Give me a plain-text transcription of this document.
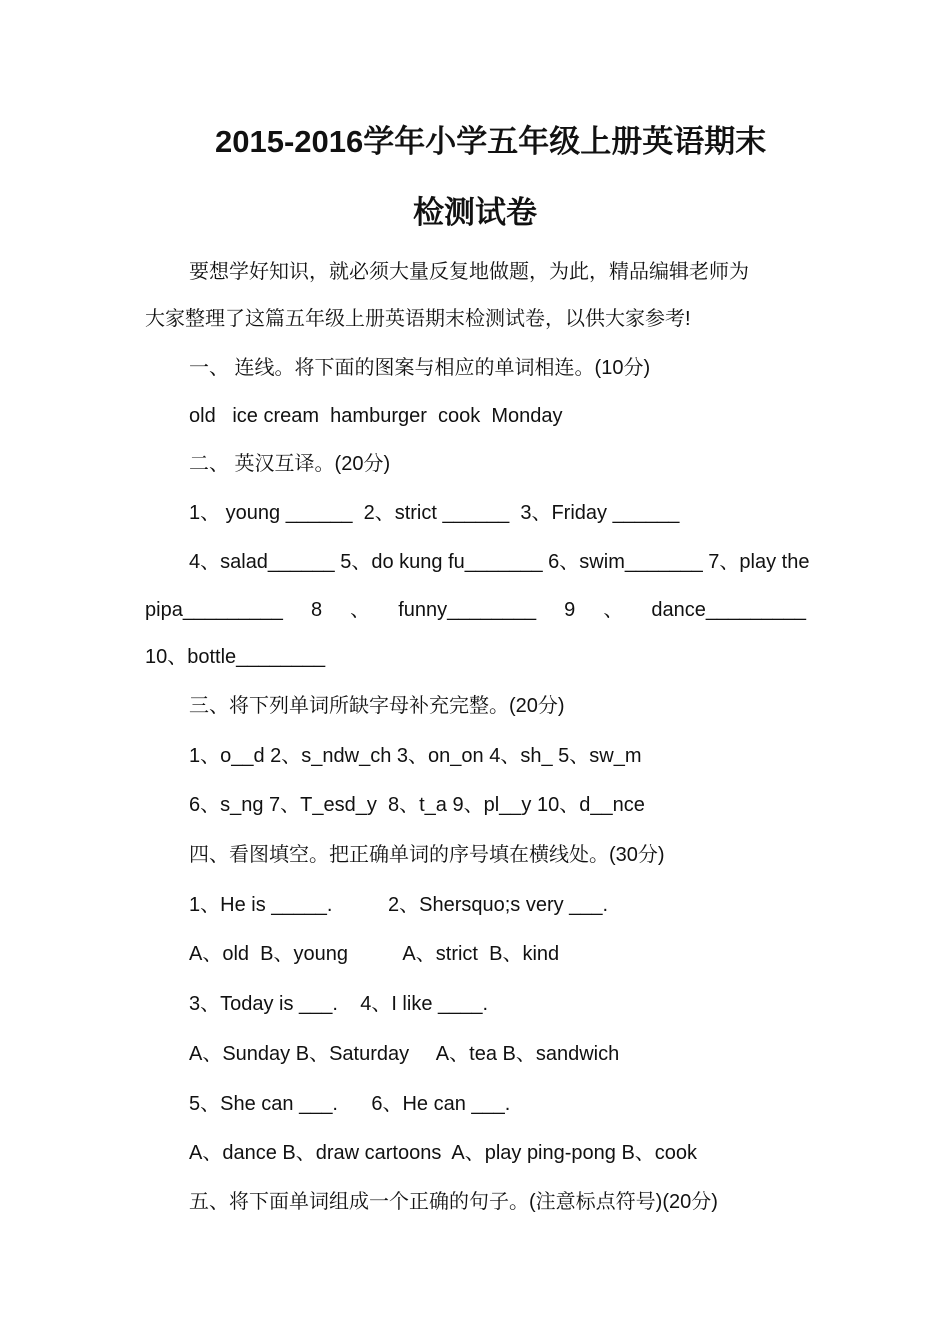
2015-2016学年小学五年级上册英语期末
检测试卷
要想学好知识，就必须大量反复地做题，为此，精品编辑老师为
大家整理了这篇五年级上册英语期末检测试卷，以供大家参考!
一、 连线。将下面的图案与相应的单词相连。(10分)
old   ice cream  hamburger  cook  Monday
二、 英汉互译。(20分)
1、 young ______  2、strict ______  3、Friday ______
4、salad______ 5、do kung fu_______ 6、swim_______ 7、play the
pipa_________ 8 、 funny________ 9 、 dance_________
10、bottle________
三、将下列单词所缺字母补充完整。(20分)
1、o__d 2、s_ndw_ch 3、on_on 4、sh_ 5、sw_m
6、s_ng 7、T_esd_y  8、t_a 9、pl__y 10、d__nce
四、看图填空。把正确单词的序号填在横线处。(30分)
1、He is _____.          2、Shersquo;s very ___.
A、old  B、young          A、strict  B、kind
3、Today is ___.    4、I like ____.
A、Sunday B、Saturday     A、tea B、sandwich
5、She can ___.      6、He can ___.
A、dance B、draw cartoons  A、play ping-pong B、cook
五、将下面单词组成一个正确的句子。(注意标点符号)(20分)
